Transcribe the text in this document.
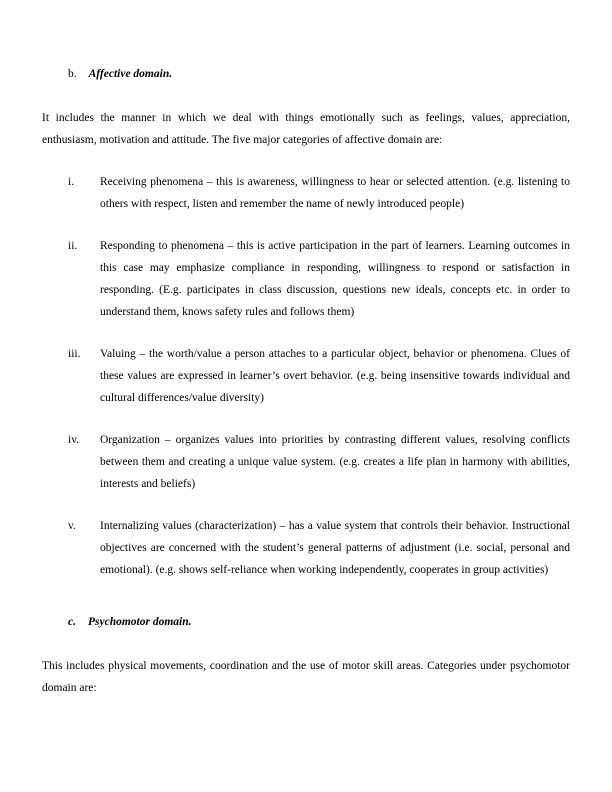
b. Affective domain.

It includes the manner in which we deal with things emotionally such as feelings, values, appreciation, enthusiasm, motivation and attitude. The five major categories of affective domain are:

i. Receiving phenomena – this is awareness, willingness to hear or selected attention. (e.g. listening to others with respect, listen and remember the name of newly introduced people)
ii. Responding to phenomena – this is active participation in the part of learners. Learning outcomes in this case may emphasize compliance in responding, willingness to respond or satisfaction in responding. (E.g. participates in class discussion, questions new ideals, concepts etc. in order to understand them, knows safety rules and follows them)
iii. Valuing – the worth/value a person attaches to a particular object, behavior or phenomena. Clues of these values are expressed in learner’s overt behavior. (e.g. being insensitive towards individual and cultural differences/value diversity)
iv. Organization – organizes values into priorities by contrasting different values, resolving conflicts between them and creating a unique value system. (e.g. creates a life plan in harmony with abilities, interests and beliefs)
v. Internalizing values (characterization) – has a value system that controls their behavior. Instructional objectives are concerned with the student’s general patterns of adjustment (i.e. social, personal and emotional). (e.g. shows self-reliance when working independently, cooperates in group activities)
c. Psychomotor domain.

This includes physical movements, coordination and the use of motor skill areas. Categories under psychomotor domain are:
